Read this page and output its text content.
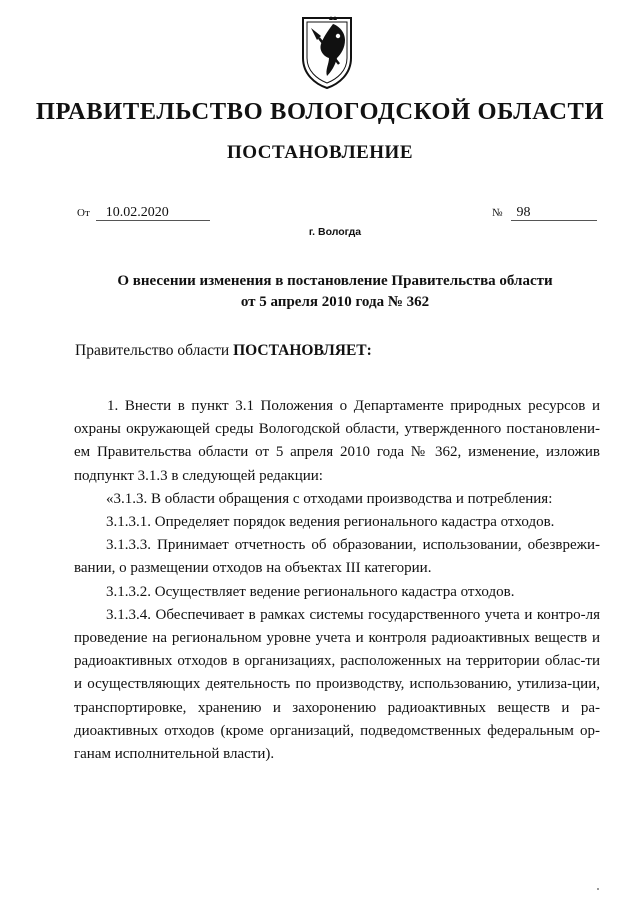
ПРАВИТЕЛЬСТВО ВОЛОГОДСКОЙ ОБЛАСТИ
ПОСТАНОВЛЕНИЕ
От 10.02.2020	№ 98
г. Вологда
О внесении изменения в постановление Правительства области
от 5 апреля 2010 года № 362
Правительство области ПОСТАНОВЛЯЕТ:

1. Внести в пункт 3.1 Положения о Департаменте природных ресурсов и охраны окружающей среды Вологодской области, утвержденного постановлени-ем Правительства области от 5 апреля 2010 года № 362, изменение, изложив подпункт 3.1.3 в следующей редакции:

«3.1.3. В области обращения с отходами производства и потребления:

3.1.3.1. Определяет порядок ведения регионального кадастра отходов.

3.1.3.3. Принимает отчетность об образовании, использовании, обезврежи-вании, о размещении отходов на объектах III категории.

3.1.3.2. Осуществляет ведение регионального кадастра отходов.

3.1.3.4. Обеспечивает в рамках системы государственного учета и контро-ля проведение на региональном уровне учета и контроля радиоактивных веществ и радиоактивных отходов в организациях, расположенных на территории облас-ти и осуществляющих деятельность по производству, использованию, утилиза-ции, транспортировке, хранению и захоронению радиоактивных веществ и ра-диоактивных отходов (кроме организаций, подведомственных федеральным ор-ганам исполнительной власти).
